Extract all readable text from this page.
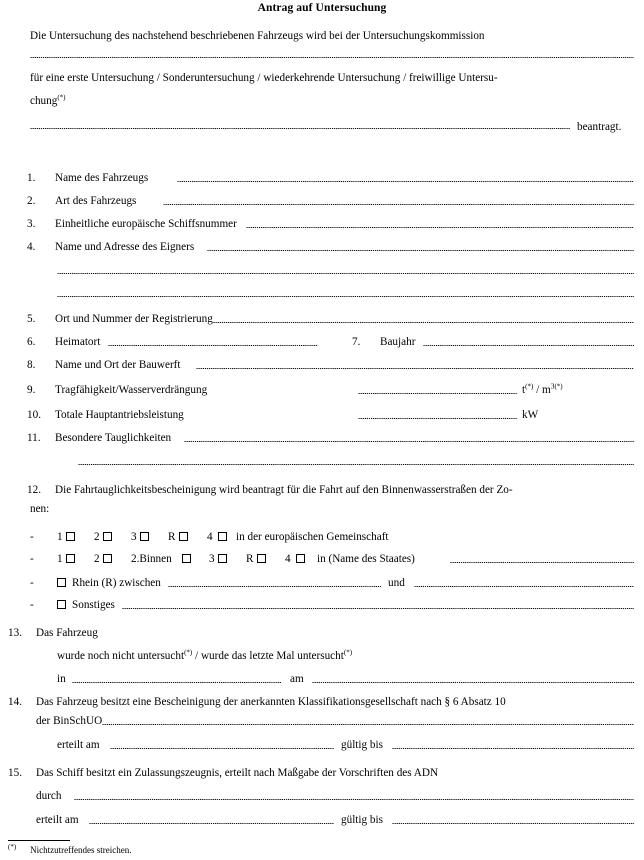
Antrag auf Untersuchung
Die Untersuchung des nachstehend beschriebenen Fahrzeugs wird bei der Untersuchungskommission
für eine erste Untersuchung / Sonderuntersuchung / wiederkehrende Untersuchung / freiwillige Untersu-
chung(*)
beantragt.
1. Name des Fahrzeugs
2. Art des Fahrzeugs
3. Einheitliche europäische Schiffsnummer
4. Name und Adresse des Eigners
5. Ort und Nummer der Registrierung
6. Heimatort	7. Baujahr
8. Name und Ort der Bauwerft
9. Tragfähigkeit/Wasserverdrängung	$t^{(*)} / m^{3(*)}$
10. Totale Hauptantriebsleistung	kW
11. Besondere Tauglichkeiten
12. Die Fahrtauglichkeitsbescheinigung wird beantragt für die Fahrt auf den Binnenwasserstraßen der Zo-
nen:
- 1	2	3	R	4 in der europäischen Gemeinschaft
- 1	2	2.Binnen	3	R	4 in (Name des Staates)
-	Rhein (R) zwischen	und
-	Sonstiges
13. Das Fahrzeug
wurde noch nicht untersucht(*) / wurde das letzte Mal untersucht(*)
in	am
14. Das Fahrzeug besitzt eine Bescheinigung der anerkannten Klassifikationsgesellschaft nach § 6 Absatz 10
der BinSchUO
erteilt am	gültig bis
15. Das Schiff besitzt ein Zulassungszeugnis, erteilt nach Maßgabe der Vorschriften des ADN
durch
erteilt am	gültig bis
(*) Nichtzutreffendes streichen.
